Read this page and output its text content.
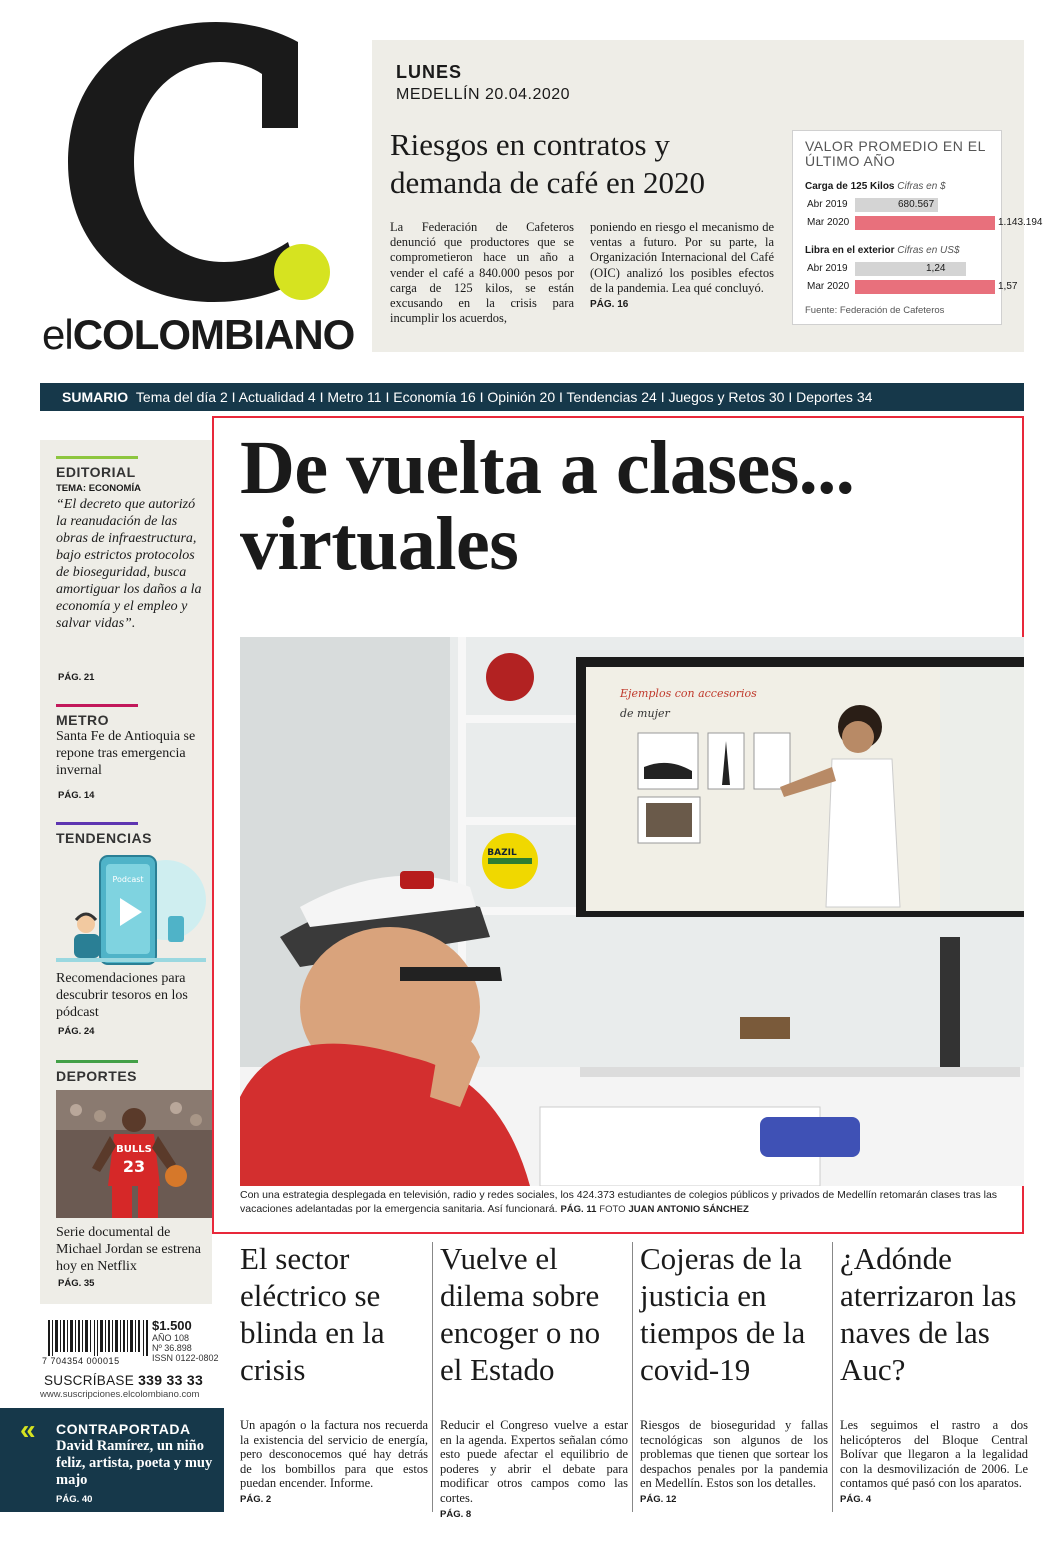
elCOLOMBIANO
LUNES
MEDELLÍN 20.04.2020
Riesgos en contratos y demanda de café en 2020
La Federación de Cafeteros denunció que productores que se comprometieron hace un año a vender el café a 840.000 pesos por carga de 125 kilos, se están excusando en la crisis para incumplir los acuerdos,
poniendo en riesgo el mecanismo de ventas a futuro. Por su parte, la Organización Internacional del Café (OIC) analizó los posibles efectos de la pandemia. Lea qué concluyó.
PÁG. 16
VALOR PROMEDIO EN EL ÚLTIMO AÑO
Carga de 125 Kilos Cifras en $
Abr 2019	680.567
Mar 2020	1.143.194
Libra en el exterior Cifras en US$
Abr 2019	1,24
Mar 2020	1,57
Fuente: Federación de Cafeteros
SUMARIO Tema del día 2 I Actualidad 4 I Metro 11 I Economía 16 I Opinión 20 I Tendencias 24 I Juegos y Retos 30 I Deportes 34
EDITORIAL
TEMA: ECONOMÍA
“El decreto que autorizó la reanudación de las obras de infraestructura, bajo estrictos protocolos de bioseguridad, busca amortiguar los daños a la economía y el empleo y salvar vidas”.
PÁG. 21
METRO
Santa Fe de Antioquia se repone tras emergencia invernal
PÁG. 14
TENDENCIAS
Podcast
Recomendaciones para descubrir tesoros en los pódcast
PÁG. 24
DEPORTES
BULLS
23
Serie documental de Michael Jordan se estrena hoy en Netflix
PÁG. 35
$1.500
AÑO 108
Nº 36.898
ISSN 0122-0802
7 704354 000015
SUSCRÍBASE 339 33 33
www.suscripciones.elcolombiano.com
« CONTRAPORTADA
David Ramírez, un niño feliz, artista, poeta y muy majo
PÁG. 40
De vuelta a clases... virtuales
BAZIL
Ejemplos con accesorios
de mujer
Con una estrategia desplegada en televisión, radio y redes sociales, los 424.373 estudiantes de colegios públicos y privados de Medellín retomarán clases tras las vacaciones adelantadas por la emergencia sanitaria. Así funcionará. PÁG. 11 FOTO JUAN ANTONIO SÁNCHEZ
El sector eléctrico se blinda en la crisis
Un apagón o la factura nos recuerda la existencia del servicio de energía, pero desconocemos qué hay detrás de los bombillos para que estos puedan encender. Informe.
PÁG. 2
Vuelve el dilema sobre encoger o no el Estado
Reducir el Congreso vuelve a estar en la agenda. Expertos señalan cómo esto puede afectar el equilibrio de poderes y abrir el debate para modificar otros campos como las cortes.
PÁG. 8
Cojeras de la justicia en tiempos de la covid-19
Riesgos de bioseguridad y fallas tecnológicas son algunos de los problemas que tienen que sortear los despachos penales por la pandemia en Medellín. Estos son los detalles.
PÁG. 12
¿Adónde aterrizaron las naves de las Auc?
Les seguimos el rastro a dos helicópteros del Bloque Central Bolívar que llegaron a la legalidad con la desmovilización de 2006. Le contamos qué pasó con los aparatos.
PÁG. 4
